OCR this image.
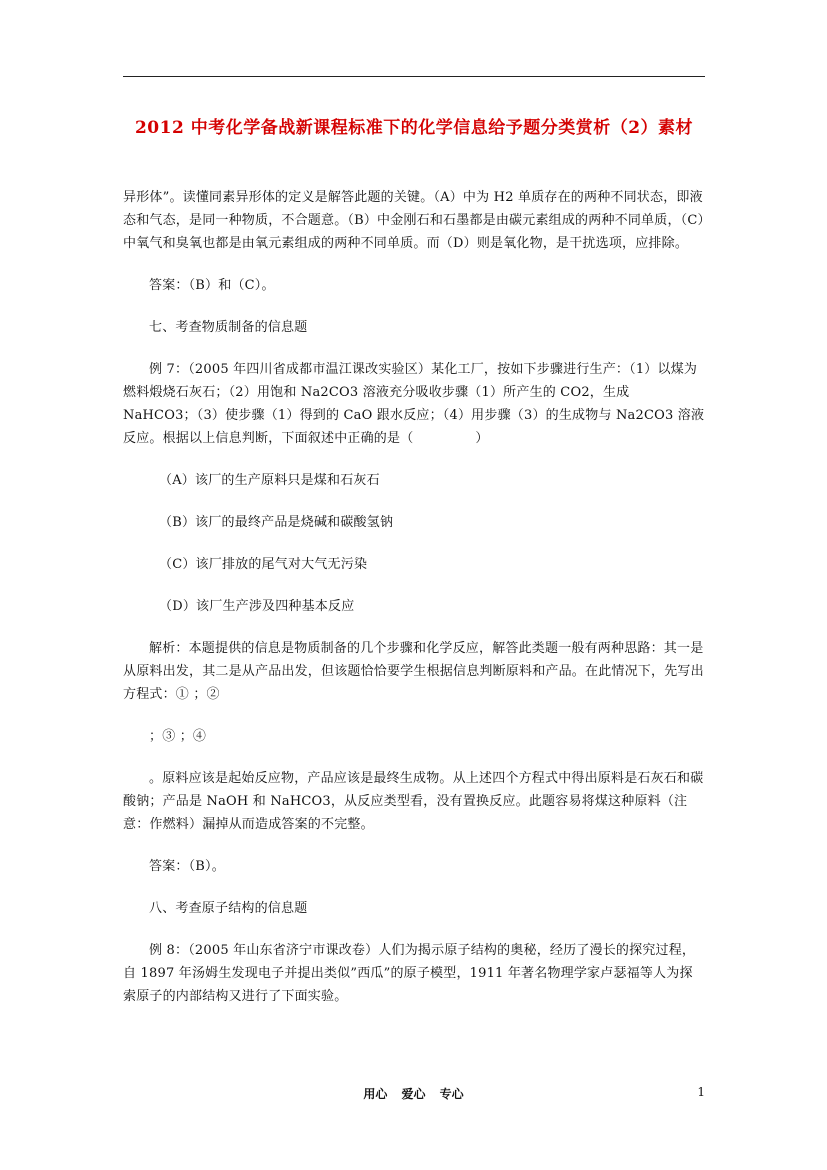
2012 中考化学备战新课程标准下的化学信息给予题分类赏析（2）素材

异形体”。读懂同素异形体的定义是解答此题的关键。（A）中为 H2 单质存在的两种不同状态，即液态和气态，是同一种物质，不合题意。（B）中金刚石和石墨都是由碳元素组成的两种不同单质，（C）中氧气和臭氧也都是由氧元素组成的两种不同单质。而（D）则是氧化物，是干扰选项，应排除。

答案：（B）和（C）。

七、考查物质制备的信息题

例 7：（2005 年四川省成都市温江课改实验区）某化工厂，按如下步骤进行生产：（1）以煤为燃料煅烧石灰石；（2）用饱和 Na2CO3 溶液充分吸收步骤（1）所产生的 CO2，生成 NaHCO3；（3）使步骤（1）得到的 CaO 跟水反应；（4）用步骤（3）的生成物与 Na2CO3 溶液反应。根据以上信息判断，下面叙述中正确的是（	）

（A）该厂的生产原料只是煤和石灰石

（B）该厂的最终产品是烧碱和碳酸氢钠

（C）该厂排放的尾气对大气无污染

（D）该厂生产涉及四种基本反应

解析：本题提供的信息是物质制备的几个步骤和化学反应，解答此类题一般有两种思路：其一是从原料出发，其二是从产品出发，但该题恰恰要学生根据信息判断原料和产品。在此情况下，先写出方程式：① ；②

；③ ；④

。原料应该是起始反应物，产品应该是最终生成物。从上述四个方程式中得出原料是石灰石和碳酸钠；产品是 NaOH 和 NaHCO3，从反应类型看，没有置换反应。此题容易将煤这种原料（注意：作燃料）漏掉从而造成答案的不完整。

答案：（B）。

八、考查原子结构的信息题

例 8：（2005 年山东省济宁市课改卷）人们为揭示原子结构的奥秘，经历了漫长的探究过程，自 1897 年汤姆生发现电子并提出类似”西瓜”的原子模型，1911 年著名物理学家卢瑟福等人为探索原子的内部结构又进行了下面实验。

用心 爱心 专心	1
